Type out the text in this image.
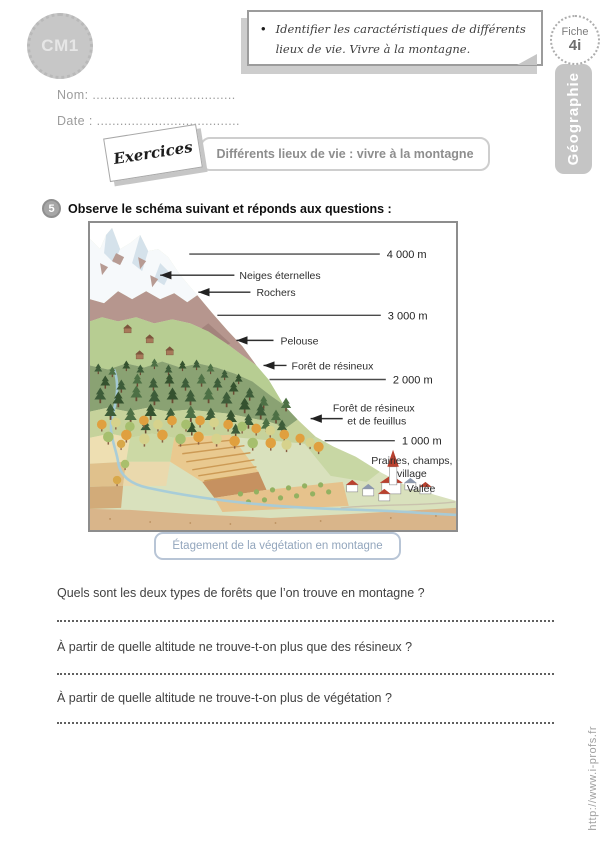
CM1
• Identifier les caractéristiques de différents lieux de vie. Vivre à la montagne.

Fiche
4i
Géographie
Nom: .....................................
Date : .....................................
Exercices Différents lieux de vie : vivre à la montagne
5 Observe le schéma suivant et réponds aux questions :
4 000 m
3 000 m
2 000 m
1 000 m
Neiges éternelles
Rochers
Pelouse
Forêt de résineux
Forêt de résineux
et de feuillus
Prairies, champs,
village
Vallée
Étagement de la végétation en montagne
Quels sont les deux types de forêts que l’on trouve en montagne ?
À partir de quelle altitude ne trouve-t-on plus que des résineux ?
À partir de quelle altitude ne trouve-t-on plus de végétation ?
http://www.i-profs.fr
